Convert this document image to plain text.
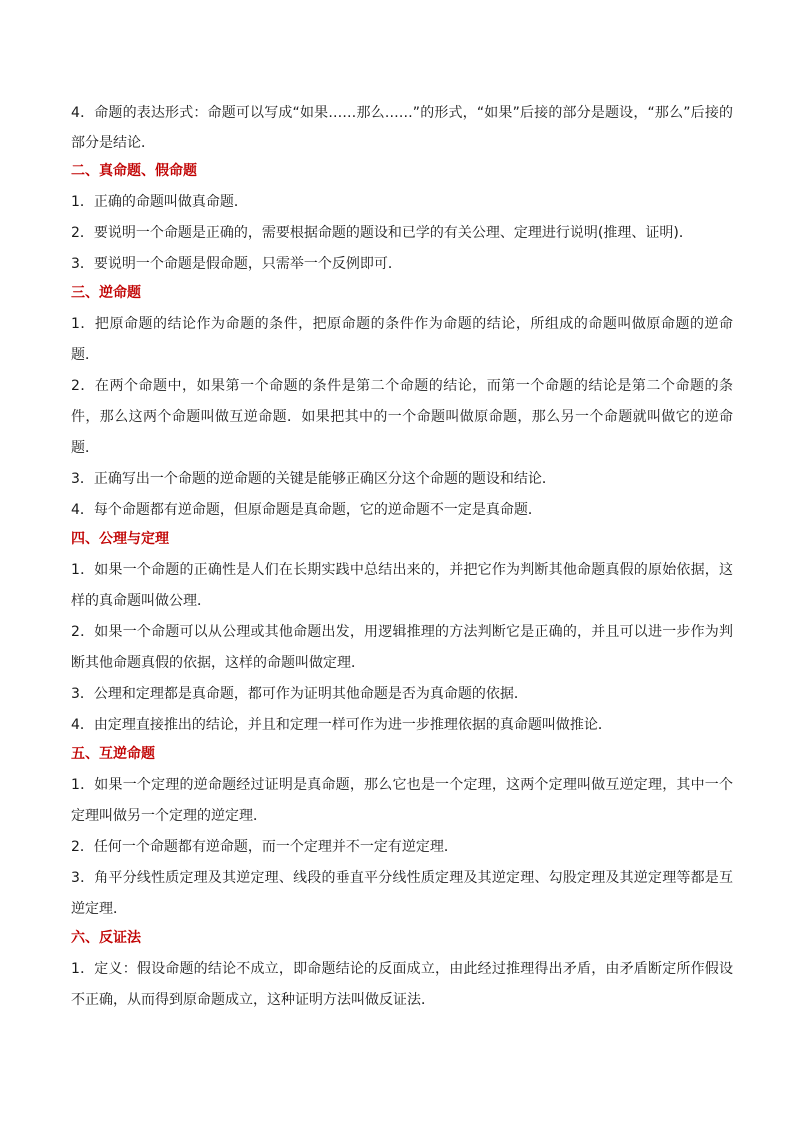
4．命题的表达形式：命题可以写成“如果……那么……”的形式，“如果”后接的部分是题设，“那么”后接的部分是结论．

二、真命题、假命题

1．正确的命题叫做真命题．

2．要说明一个命题是正确的，需要根据命题的题设和已学的有关公理、定理进行说明(推理、证明)．

3．要说明一个命题是假命题，只需举一个反例即可．

三、逆命题

1．把原命题的结论作为命题的条件，把原命题的条件作为命题的结论，所组成的命题叫做原命题的逆命题．

2．在两个命题中，如果第一个命题的条件是第二个命题的结论，而第一个命题的结论是第二个命题的条件，那么这两个命题叫做互逆命题．如果把其中的一个命题叫做原命题，那么另一个命题就叫做它的逆命题．

3．正确写出一个命题的逆命题的关键是能够正确区分这个命题的题设和结论．

4．每个命题都有逆命题，但原命题是真命题，它的逆命题不一定是真命题．

四、公理与定理

1．如果一个命题的正确性是人们在长期实践中总结出来的，并把它作为判断其他命题真假的原始依据，这样的真命题叫做公理．

2．如果一个命题可以从公理或其他命题出发，用逻辑推理的方法判断它是正确的，并且可以进一步作为判断其他命题真假的依据，这样的命题叫做定理．

3．公理和定理都是真命题，都可作为证明其他命题是否为真命题的依据．

4．由定理直接推出的结论，并且和定理一样可作为进一步推理依据的真命题叫做推论．

五、互逆命题

1．如果一个定理的逆命题经过证明是真命题，那么它也是一个定理，这两个定理叫做互逆定理，其中一个定理叫做另一个定理的逆定理．

2．任何一个命题都有逆命题，而一个定理并不一定有逆定理．

3．角平分线性质定理及其逆定理、线段的垂直平分线性质定理及其逆定理、勾股定理及其逆定理等都是互逆定理．

六、反证法

1．定义：假设命题的结论不成立，即命题结论的反面成立，由此经过推理得出矛盾，由矛盾断定所作假设不正确，从而得到原命题成立，这种证明方法叫做反证法．
